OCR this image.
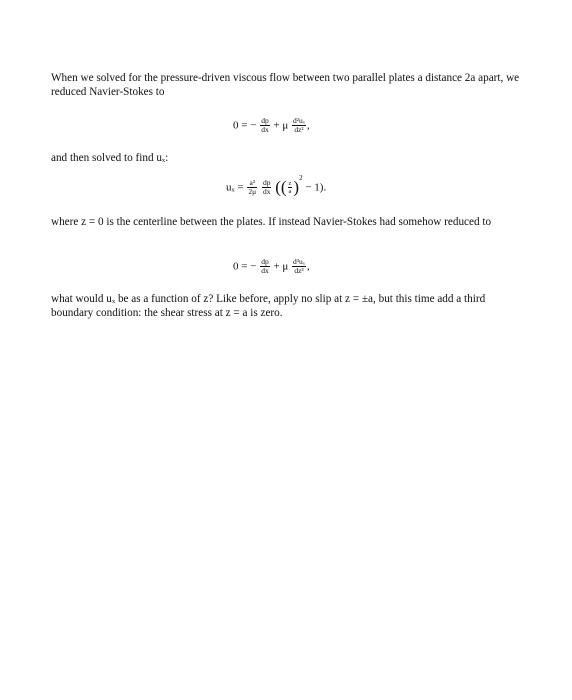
When we solved for the pressure-driven viscous flow between two parallel plates a distance 2a apart, we reduced Navier-Stokes to
0 = − $\frac{dp}{dx} + \mu \frac{\text{d²uₓ}}{\text{dz²}}$ ,
and then solved to find uₓ:
$u_x = \frac{\text{a²}}{2\mu}$
$\frac{dp}{dx}$ (( $\frac{z}{a} )^2 - 1$).
where z = 0 is the centerline between the plates. If instead Navier-Stokes had somehow reduced to
0 = − $\frac{dp}{dx} + \mu \frac{\text{d³uₓ}}{\text{dz³}}$ ,
what would uₓ be as a function of z? Like before, apply no slip at z = ±a, but this time add a third boundary condition: the shear stress at z = a is zero.
